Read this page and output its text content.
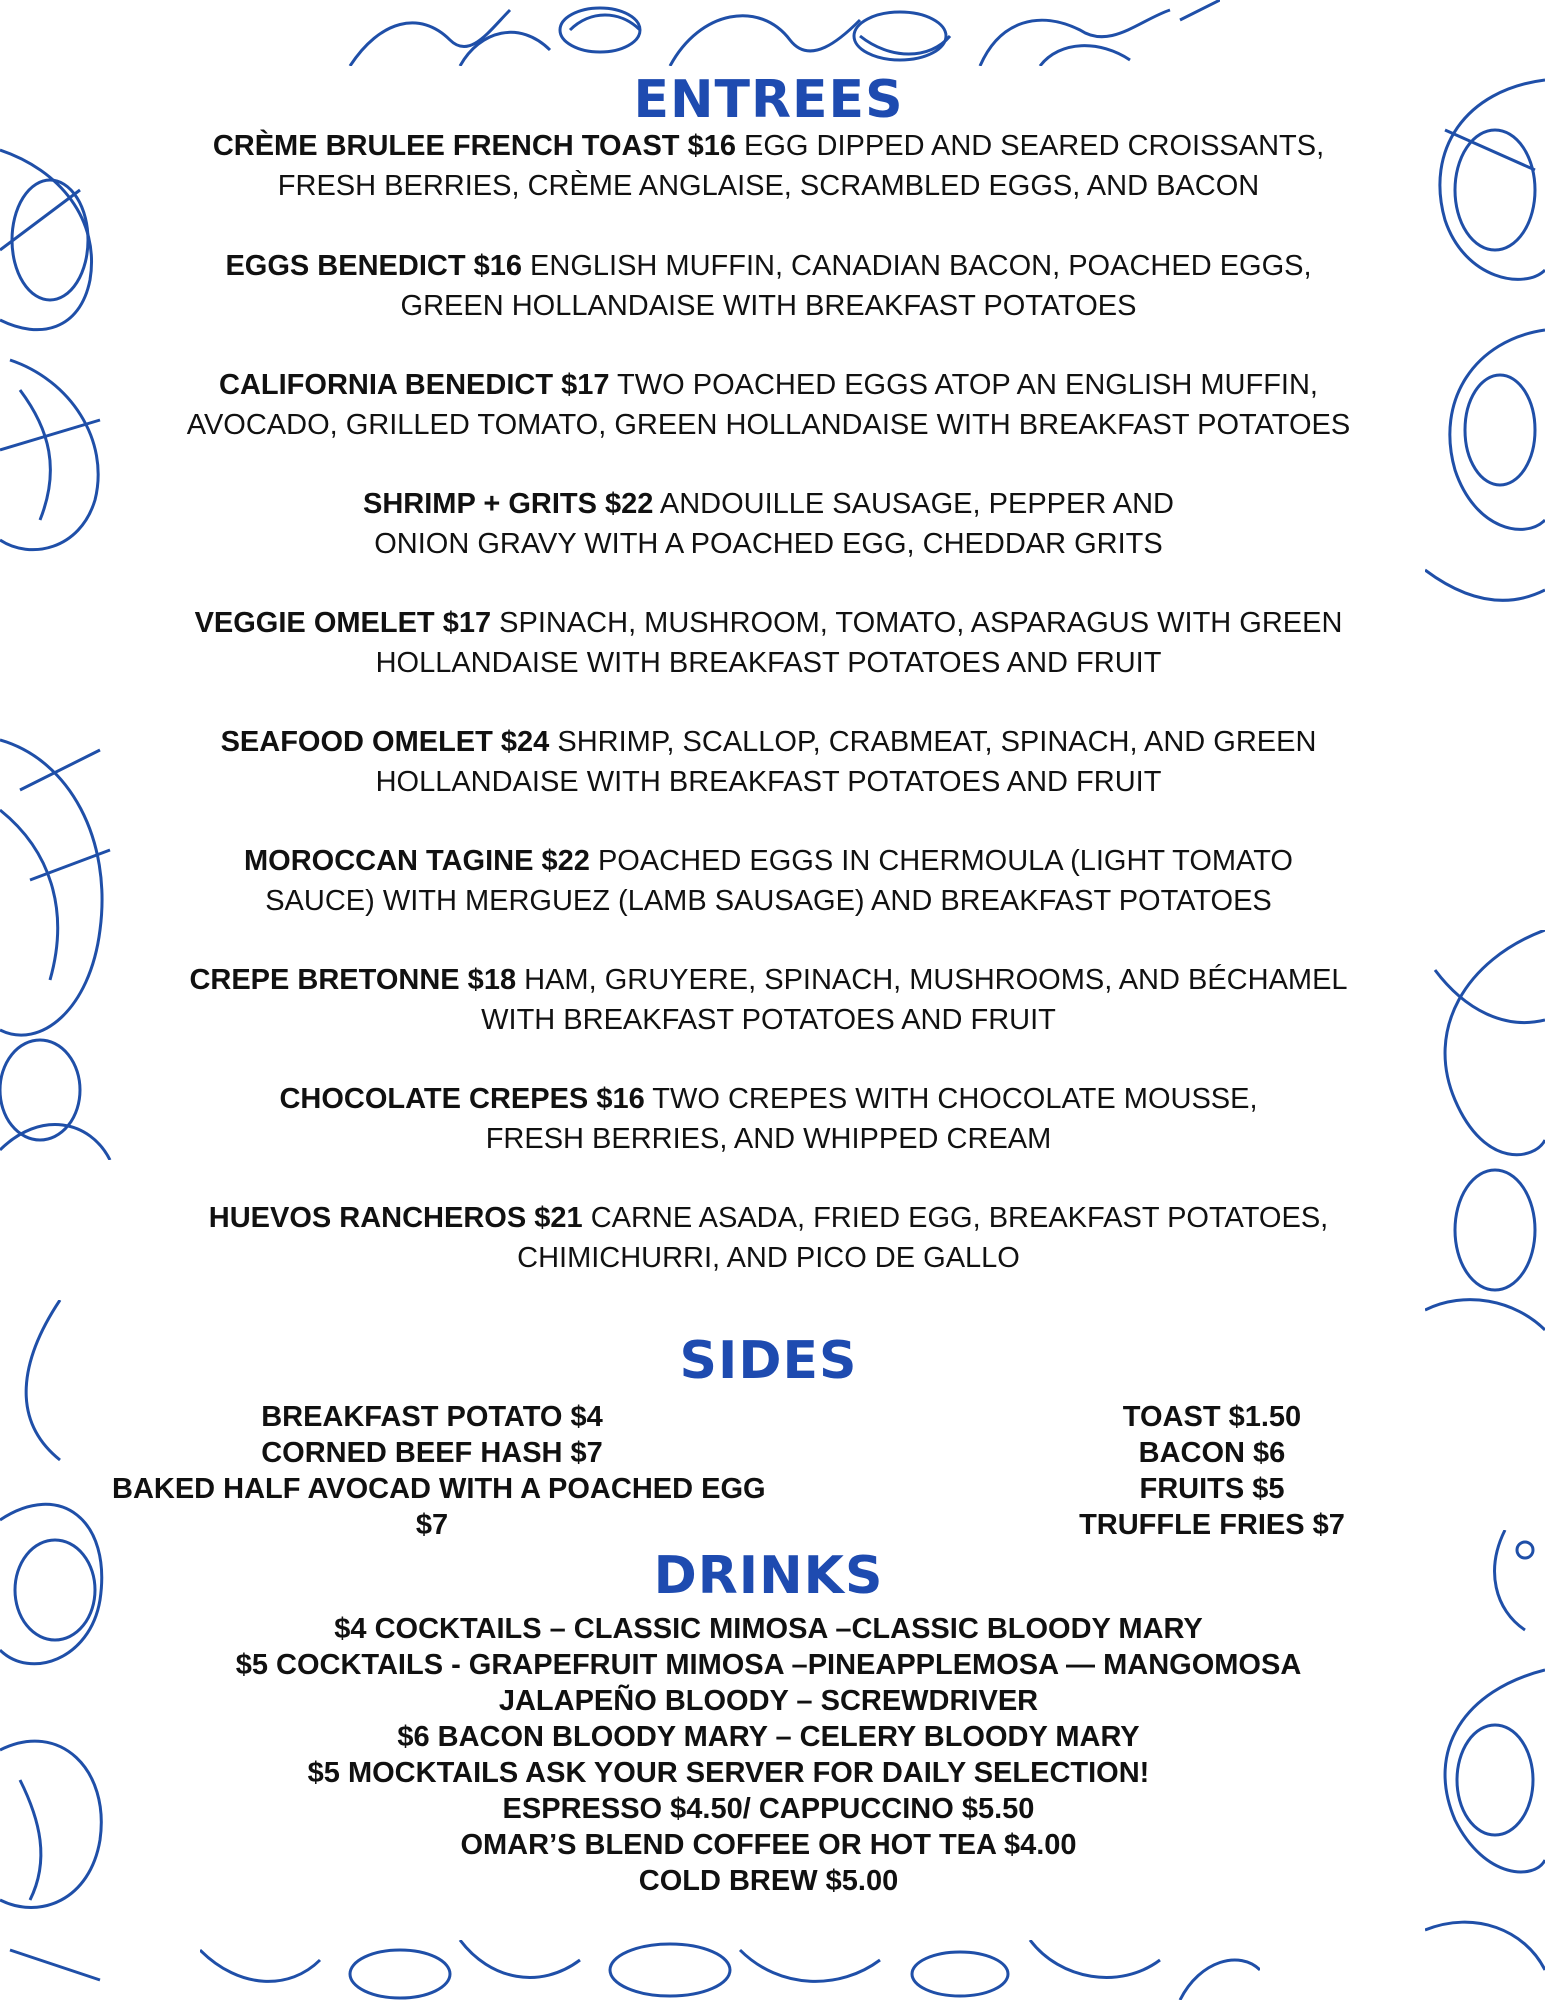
ENTREES
CRÈME BRULEE FRENCH TOAST $16 EGG DIPPED AND SEARED CROISSANTS,
FRESH BERRIES, CRÈME ANGLAISE, SCRAMBLED EGGS, AND BACON
EGGS BENEDICT $16 ENGLISH MUFFIN, CANADIAN BACON, POACHED EGGS,
GREEN HOLLANDAISE WITH BREAKFAST POTATOES
CALIFORNIA BENEDICT $17 TWO POACHED EGGS ATOP AN ENGLISH MUFFIN,
AVOCADO, GRILLED TOMATO, GREEN HOLLANDAISE WITH BREAKFAST POTATOES
SHRIMP + GRITS $22 ANDOUILLE SAUSAGE, PEPPER AND
ONION GRAVY WITH A POACHED EGG, CHEDDAR GRITS
VEGGIE OMELET $17 SPINACH, MUSHROOM, TOMATO, ASPARAGUS WITH GREEN
HOLLANDAISE WITH BREAKFAST POTATOES AND FRUIT
SEAFOOD OMELET $24 SHRIMP, SCALLOP, CRABMEAT, SPINACH, AND GREEN
HOLLANDAISE WITH BREAKFAST POTATOES AND FRUIT
MOROCCAN TAGINE $22 POACHED EGGS IN CHERMOULA (LIGHT TOMATO
SAUCE) WITH MERGUEZ (LAMB SAUSAGE) AND BREAKFAST POTATOES
CREPE BRETONNE $18 HAM, GRUYERE, SPINACH, MUSHROOMS, AND BÉCHAMEL
WITH BREAKFAST POTATOES AND FRUIT
CHOCOLATE CREPES $16 TWO CREPES WITH CHOCOLATE MOUSSE,
FRESH BERRIES, AND WHIPPED CREAM
HUEVOS RANCHEROS $21 CARNE ASADA, FRIED EGG, BREAKFAST POTATOES,
CHIMICHURRI, AND PICO DE GALLO
SIDES
BREAKFAST POTATO $4
CORNED BEEF HASH $7
BAKED HALF AVOCAD WITH A POACHED EGG
$7
TOAST $1.50
BACON $6
FRUITS $5
TRUFFLE FRIES $7
DRINKS
$4 COCKTAILS – CLASSIC MIMOSA –CLASSIC BLOODY MARY
$5 COCKTAILS - GRAPEFRUIT MIMOSA –PINEAPPLEMOSA — MANGOMOSA
JALAPEÑO BLOODY – SCREWDRIVER
$6 BACON BLOODY MARY – CELERY BLOODY MARY
$5 MOCKTAILS ASK YOUR SERVER FOR DAILY SELECTION!
ESPRESSO $4.50/ CAPPUCCINO $5.50
OMAR’S BLEND COFFEE OR HOT TEA $4.00
COLD BREW $5.00
